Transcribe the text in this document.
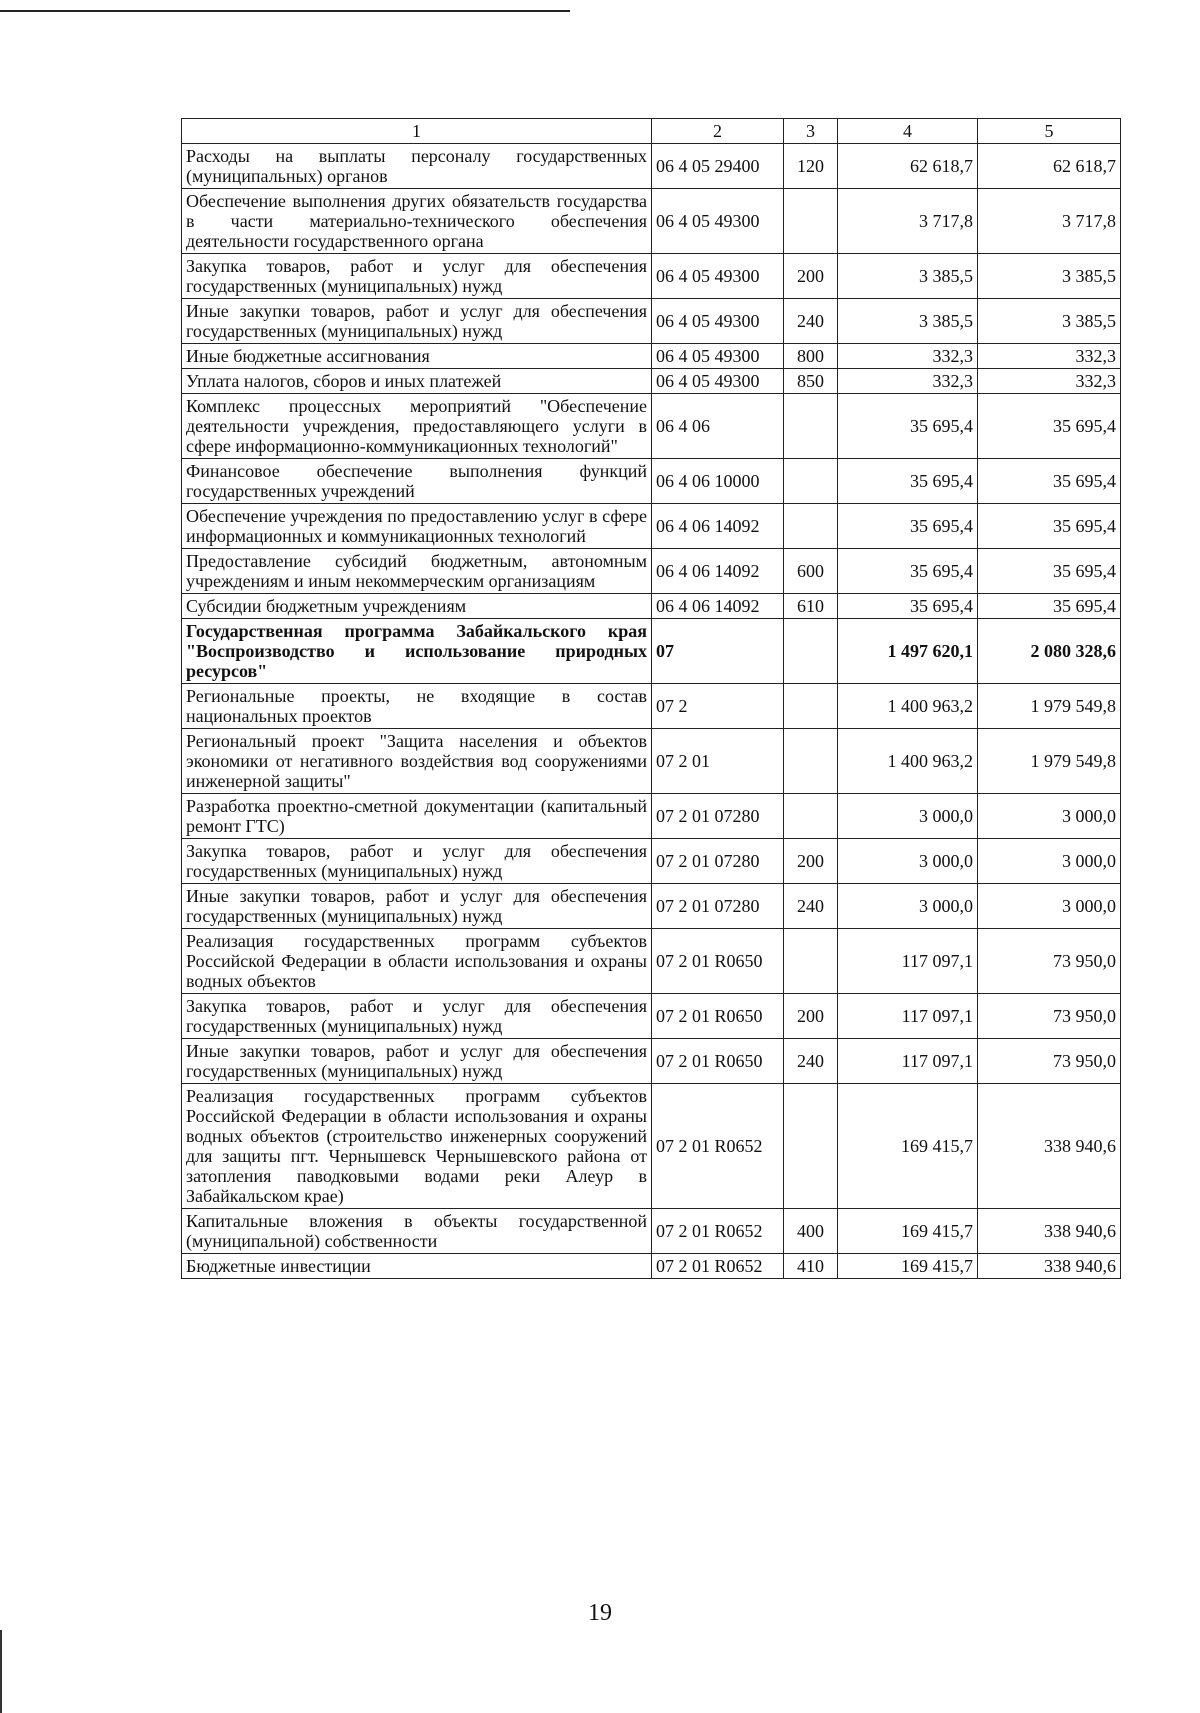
1	2	3	4	5
Расходы на выплаты персоналу государственных (муниципальных) органов	06 4 05 29400	120	62 618,7	62 618,7
Обеспечение выполнения других обязательств государства в части материально-технического обеспечения деятельности государственного органа	06 4 05 49300		3 717,8	3 717,8
Закупка товаров, работ и услуг для обеспечения государственных (муниципальных) нужд	06 4 05 49300	200	3 385,5	3 385,5
Иные закупки товаров, работ и услуг для обеспечения государственных (муниципальных) нужд	06 4 05 49300	240	3 385,5	3 385,5
Иные бюджетные ассигнования	06 4 05 49300	800	332,3	332,3
Уплата налогов, сборов и иных платежей	06 4 05 49300	850	332,3	332,3
Комплекс процессных мероприятий "Обеспечение деятельности учреждения, предоставляющего услуги в сфере информационно-коммуникационных технологий"	06 4 06		35 695,4	35 695,4
Финансовое обеспечение выполнения функций государственных учреждений	06 4 06 10000		35 695,4	35 695,4
Обеспечение учреждения по предоставлению услуг в сфере информационных и коммуникационных технологий	06 4 06 14092		35 695,4	35 695,4
Предоставление субсидий бюджетным, автономным учреждениям и иным некоммерческим организациям	06 4 06 14092	600	35 695,4	35 695,4
Субсидии бюджетным учреждениям	06 4 06 14092	610	35 695,4	35 695,4
Государственная программа Забайкальского края "Воспроизводство и использование природных ресурсов"	07		1 497 620,1	2 080 328,6
Региональные проекты, не входящие в состав национальных проектов	07 2		1 400 963,2	1 979 549,8
Региональный проект "Защита населения и объектов экономики от негативного воздействия вод сооружениями инженерной защиты"	07 2 01		1 400 963,2	1 979 549,8
Разработка проектно-сметной документации (капитальный ремонт ГТС)	07 2 01 07280		3 000,0	3 000,0
Закупка товаров, работ и услуг для обеспечения государственных (муниципальных) нужд	07 2 01 07280	200	3 000,0	3 000,0
Иные закупки товаров, работ и услуг для обеспечения государственных (муниципальных) нужд	07 2 01 07280	240	3 000,0	3 000,0
Реализация государственных программ субъектов Российской Федерации в области использования и охраны водных объектов	07 2 01 R0650		117 097,1	73 950,0
Закупка товаров, работ и услуг для обеспечения государственных (муниципальных) нужд	07 2 01 R0650	200	117 097,1	73 950,0
Иные закупки товаров, работ и услуг для обеспечения государственных (муниципальных) нужд	07 2 01 R0650	240	117 097,1	73 950,0
Реализация государственных программ субъектов Российской Федерации в области использования и охраны водных объектов (строительство инженерных сооружений для защиты пгт. Чернышевск Чернышевского района от затопления паводковыми водами реки Алеур в Забайкальском крае)	07 2 01 R0652		169 415,7	338 940,6
Капитальные вложения в объекты государственной (муниципальной) собственности	07 2 01 R0652	400	169 415,7	338 940,6
Бюджетные инвестиции	07 2 01 R0652	410	169 415,7	338 940,6
19
